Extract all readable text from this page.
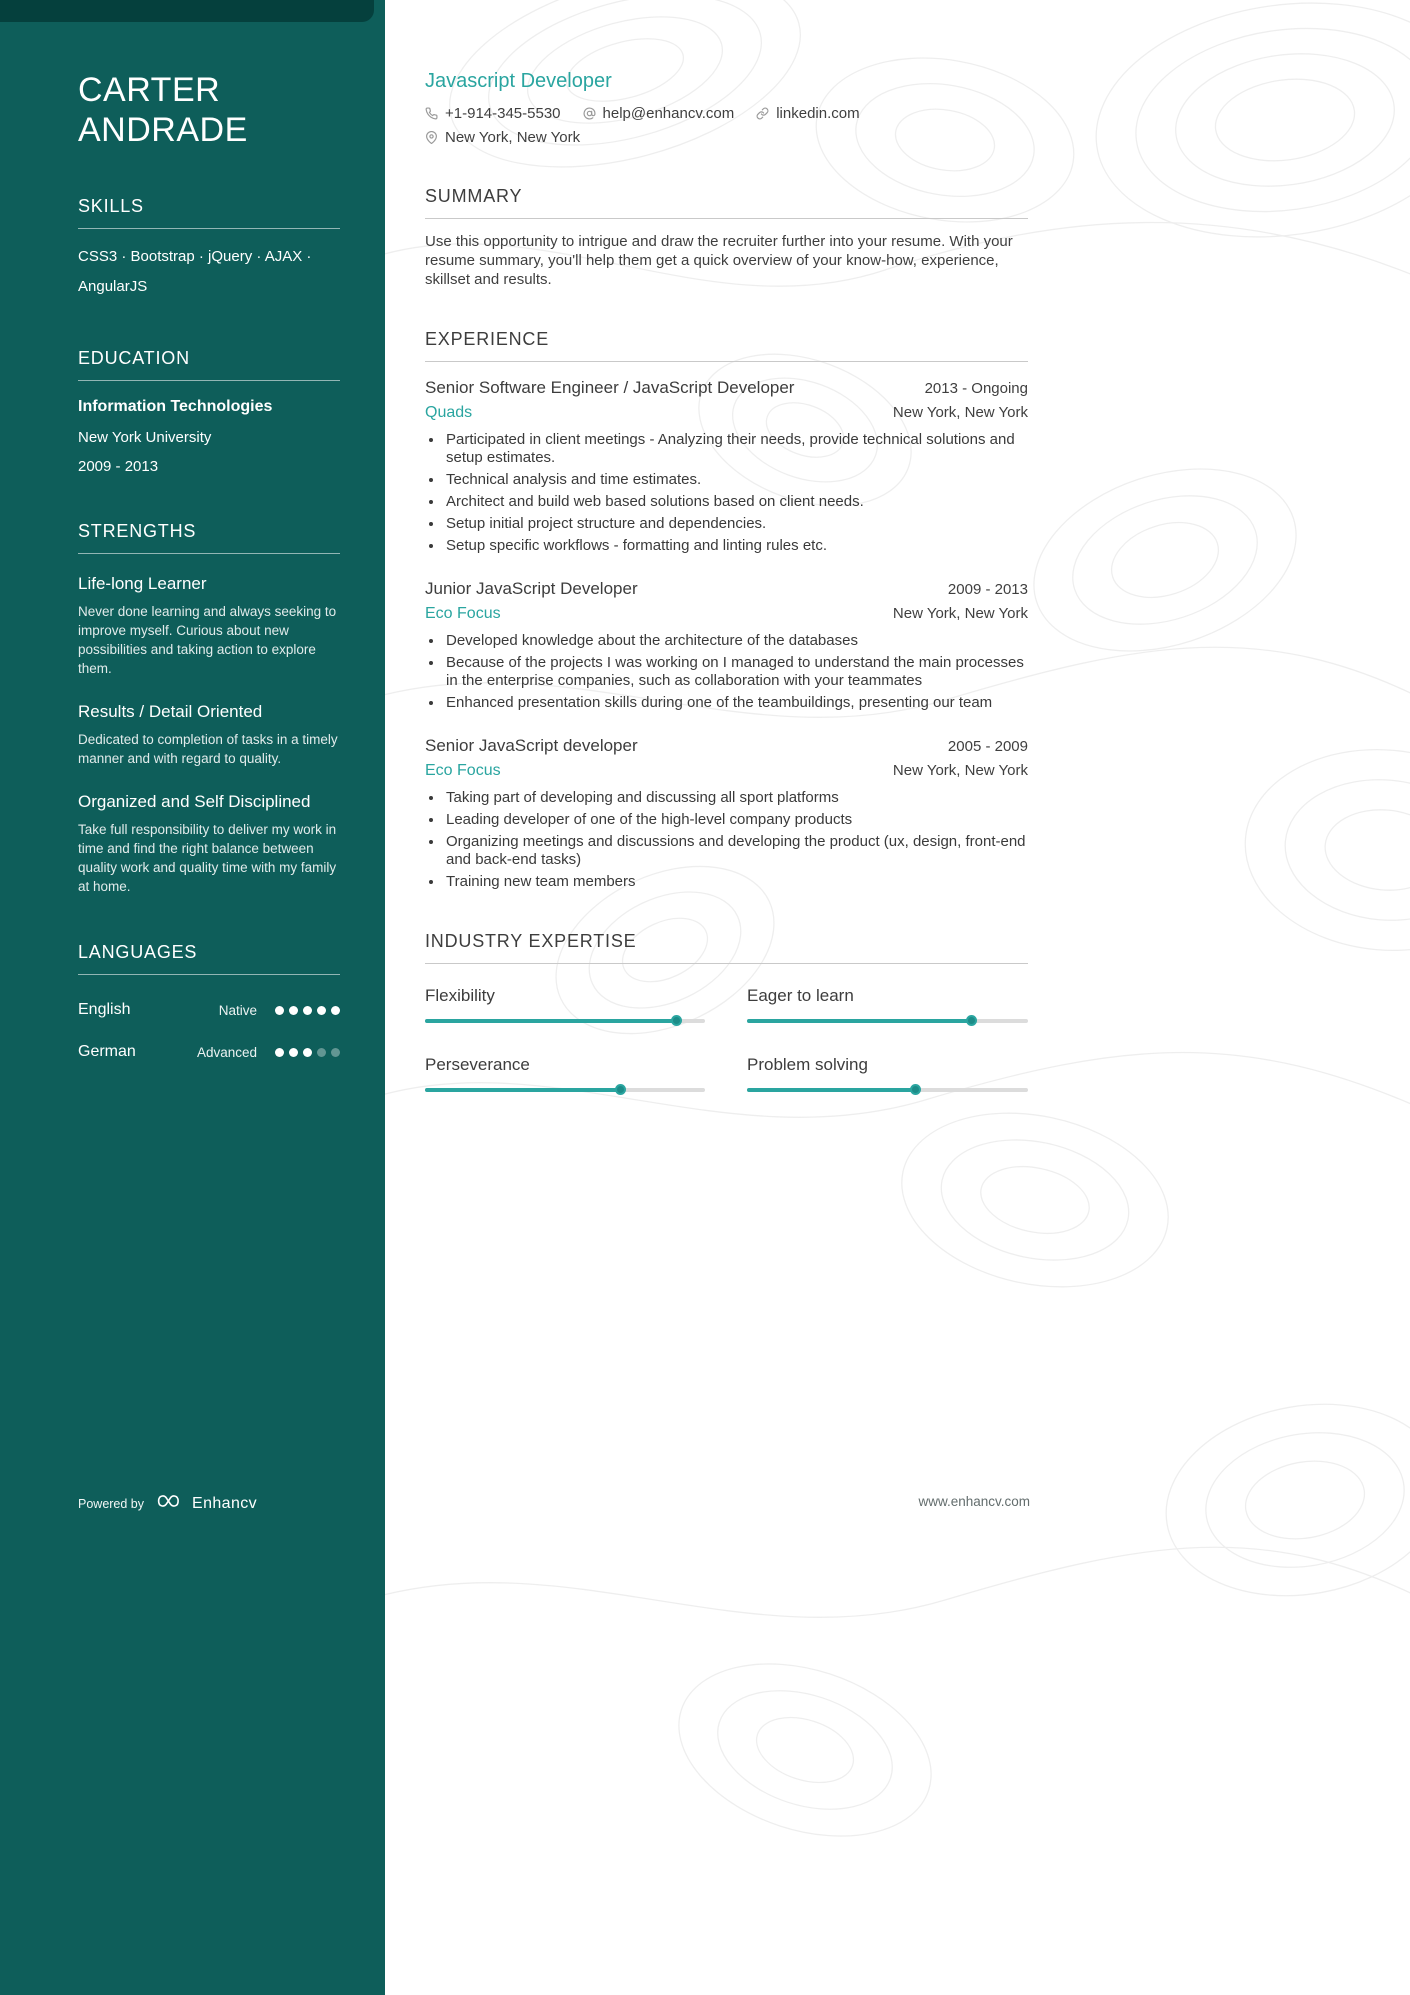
CARTER ANDRADE
SKILLS
CSS3 · Bootstrap · jQuery · AJAX · AngularJS
EDUCATION
Information Technologies
New York University
2009 - 2013
STRENGTHS
Life-long Learner
Never done learning and always seeking to improve myself. Curious about new possibilities and taking action to explore them.
Results / Detail Oriented
Dedicated to completion of tasks in a timely manner and with regard to quality.
Organized and Self Disciplined
Take full responsibility to deliver my work in time and find the right balance between quality work and quality time with my family at home.
LANGUAGES
English	Native
German	Advanced
Powered by	Enhancv
Javascript Developer
+1-914-345-5530	help@enhancv.com	linkedin.com
New York, New York
SUMMARY

Use this opportunity to intrigue and draw the recruiter further into your resume. With your resume summary, you'll help them get a quick overview of your know-how, experience, skillset and results.

EXPERIENCE
Senior Software Engineer / JavaScript Developer	2013 - Ongoing
Quads	New York, New York
• Participated in client meetings - Analyzing their needs, provide technical solutions and setup estimates.
• Technical analysis and time estimates.
• Architect and build web based solutions based on client needs.
• Setup initial project structure and dependencies.
• Setup specific workflows - formatting and linting rules etc.
Junior JavaScript Developer	2009 - 2013
Eco Focus	New York, New York
• Developed knowledge about the architecture of the databases
• Because of the projects I was working on I managed to understand the main processes in the enterprise companies, such as collaboration with your teammates
• Enhanced presentation skills during one of the teambuildings, presenting our team
Senior JavaScript developer	2005 - 2009
Eco Focus	New York, New York
• Taking part of developing and discussing all sport platforms
• Leading developer of one of the high-level company products
• Organizing meetings and discussions and developing the product (ux, design, front-end and back-end tasks)
• Training new team members
INDUSTRY EXPERTISE
Flexibility	Eager to learn
Perseverance	Problem solving
www.enhancv.com
